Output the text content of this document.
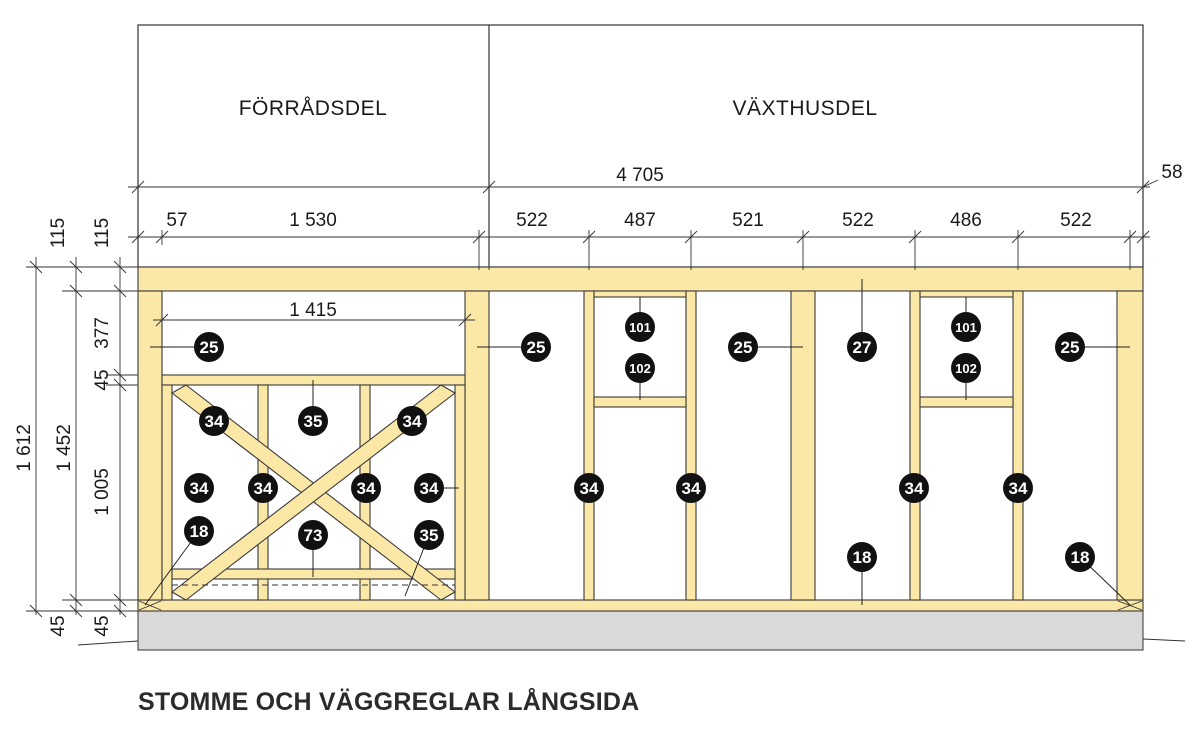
FÖRRÅDSDEL	VÄXTHUSDEL
4 705	58
57	1 530	522	487	521	522	486	522
1 415
1 612 1 452
115 115
377
45
1 005
45 45
25	25	25	27	25
101
102
101
102
34	35	34
34	34	34	34	34	34	34	34
18	73	35
18	18
STOMME OCH VÄGGREGLAR LÅNGSIDA
